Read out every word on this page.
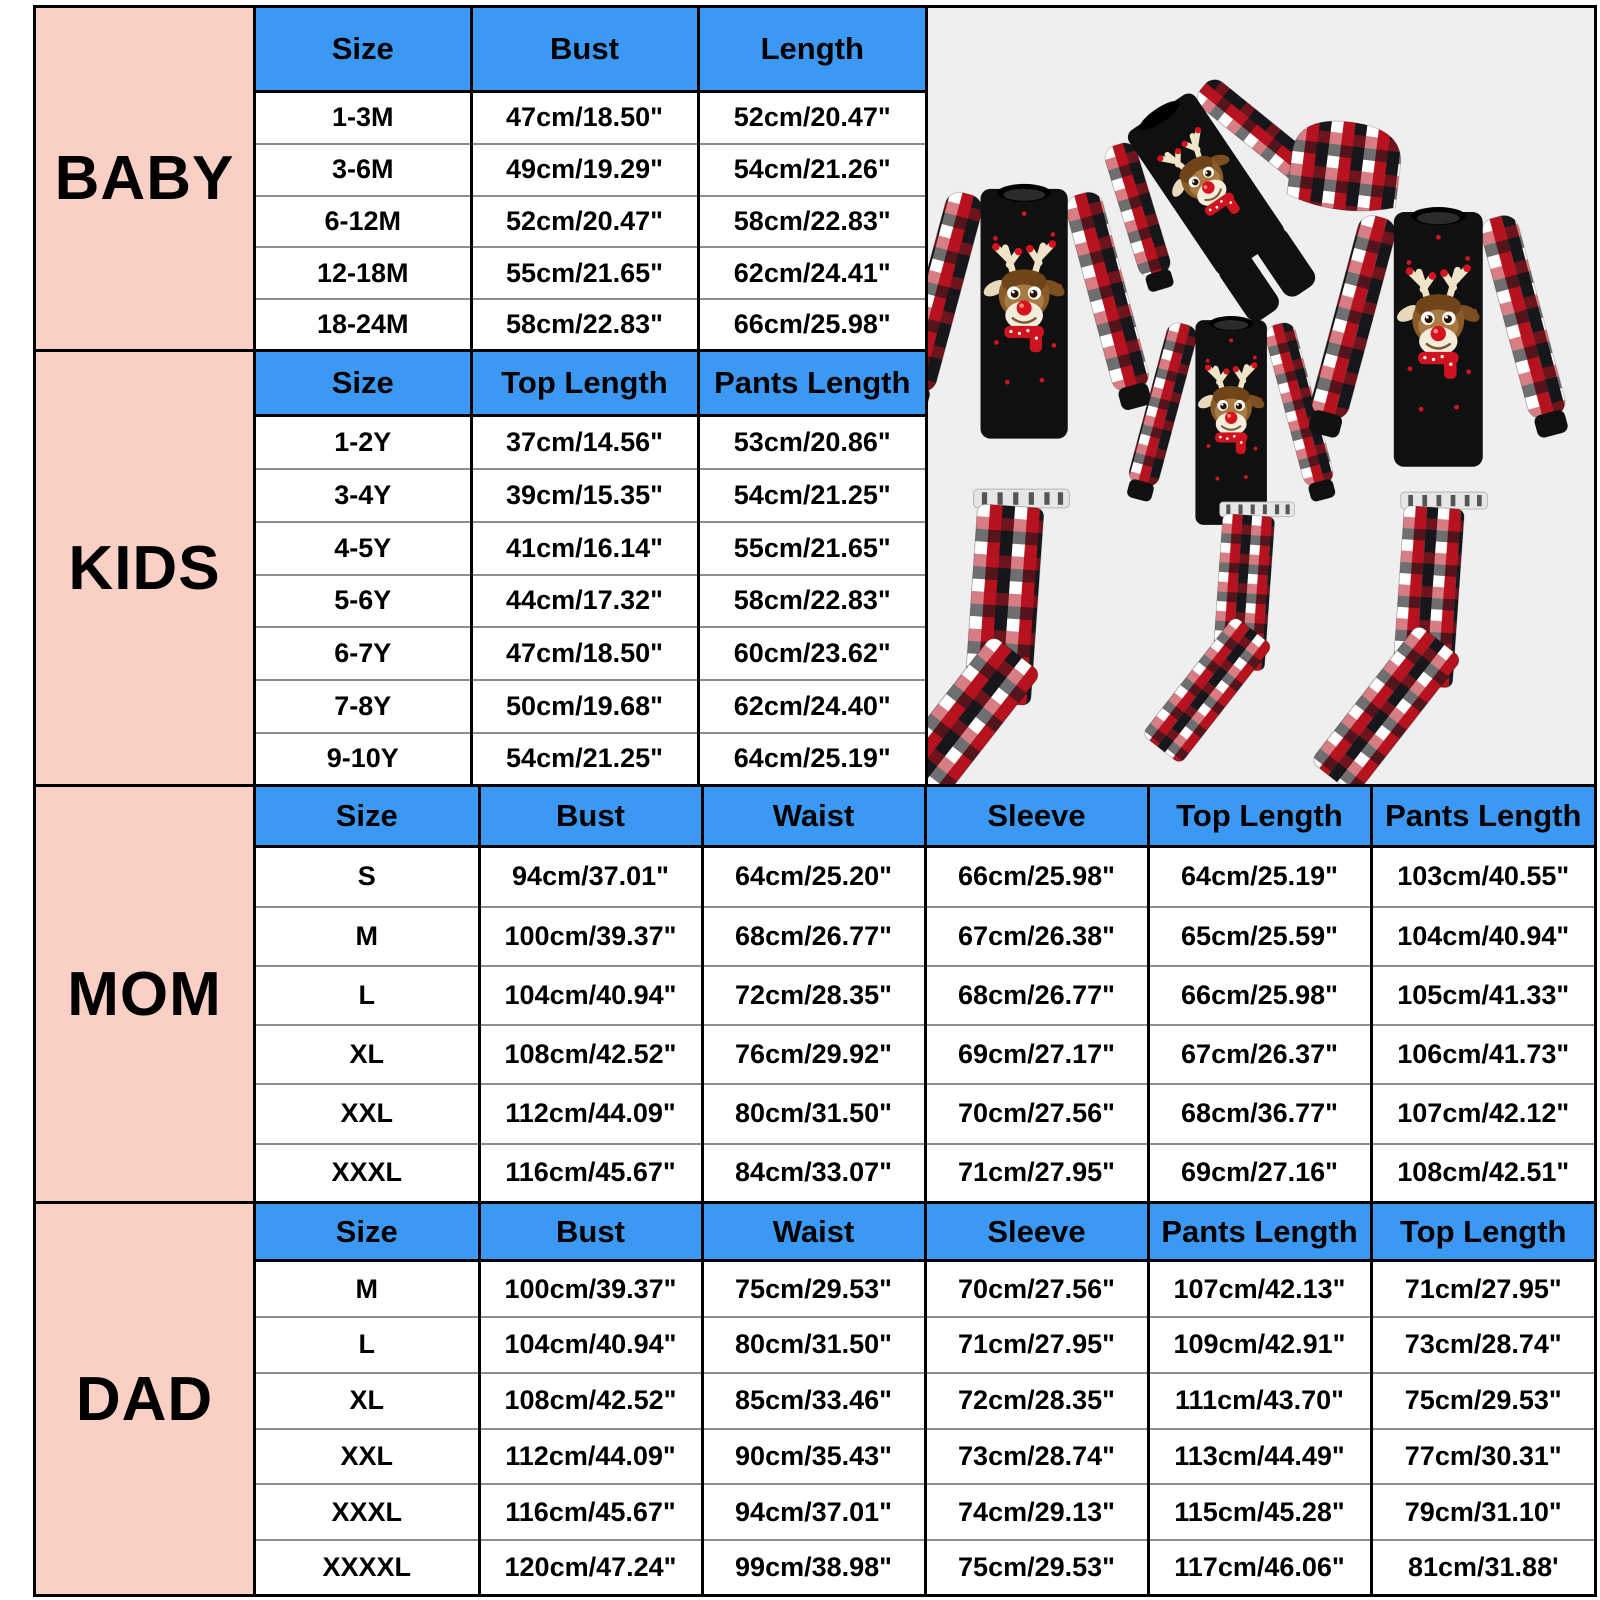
BABY
Size	Bust	Length
1-3M	47cm/18.50"	52cm/20.47"
3-6M	49cm/19.29"	54cm/21.26"
6-12M	52cm/20.47"	58cm/22.83"
12-18M	55cm/21.65"	62cm/24.41"
18-24M	58cm/22.83"	66cm/25.98"
KIDS
Size	Top Length	Pants Length
1-2Y	37cm/14.56"	53cm/20.86"
3-4Y	39cm/15.35"	54cm/21.25"
4-5Y	41cm/16.14"	55cm/21.65"
5-6Y	44cm/17.32"	58cm/22.83"
6-7Y	47cm/18.50"	60cm/23.62"
7-8Y	50cm/19.68"	62cm/24.40"
9-10Y	54cm/21.25"	64cm/25.19"
MOM
Size	Bust	Waist	Sleeve	Top Length	Pants Length
S	94cm/37.01"	64cm/25.20"	66cm/25.98"	64cm/25.19"	103cm/40.55"
M	100cm/39.37"	68cm/26.77"	67cm/26.38"	65cm/25.59"	104cm/40.94"
L	104cm/40.94"	72cm/28.35"	68cm/26.77"	66cm/25.98"	105cm/41.33"
XL	108cm/42.52"	76cm/29.92"	69cm/27.17"	67cm/26.37"	106cm/41.73"
XXL	112cm/44.09"	80cm/31.50"	70cm/27.56"	68cm/36.77"	107cm/42.12"
XXXL	116cm/45.67"	84cm/33.07"	71cm/27.95"	69cm/27.16"	108cm/42.51"
DAD
Size	Bust	Waist	Sleeve	Pants Length	Top Length
M	100cm/39.37"	75cm/29.53"	70cm/27.56"	107cm/42.13"	71cm/27.95"
L	104cm/40.94"	80cm/31.50"	71cm/27.95"	109cm/42.91"	73cm/28.74"
XL	108cm/42.52"	85cm/33.46"	72cm/28.35"	111cm/43.70"	75cm/29.53"
XXL	112cm/44.09"	90cm/35.43"	73cm/28.74"	113cm/44.49"	77cm/30.31"
XXXL	116cm/45.67"	94cm/37.01"	74cm/29.13"	115cm/45.28"	79cm/31.10"
XXXXL	120cm/47.24"	99cm/38.98"	75cm/29.53"	117cm/46.06"	81cm/31.88'
